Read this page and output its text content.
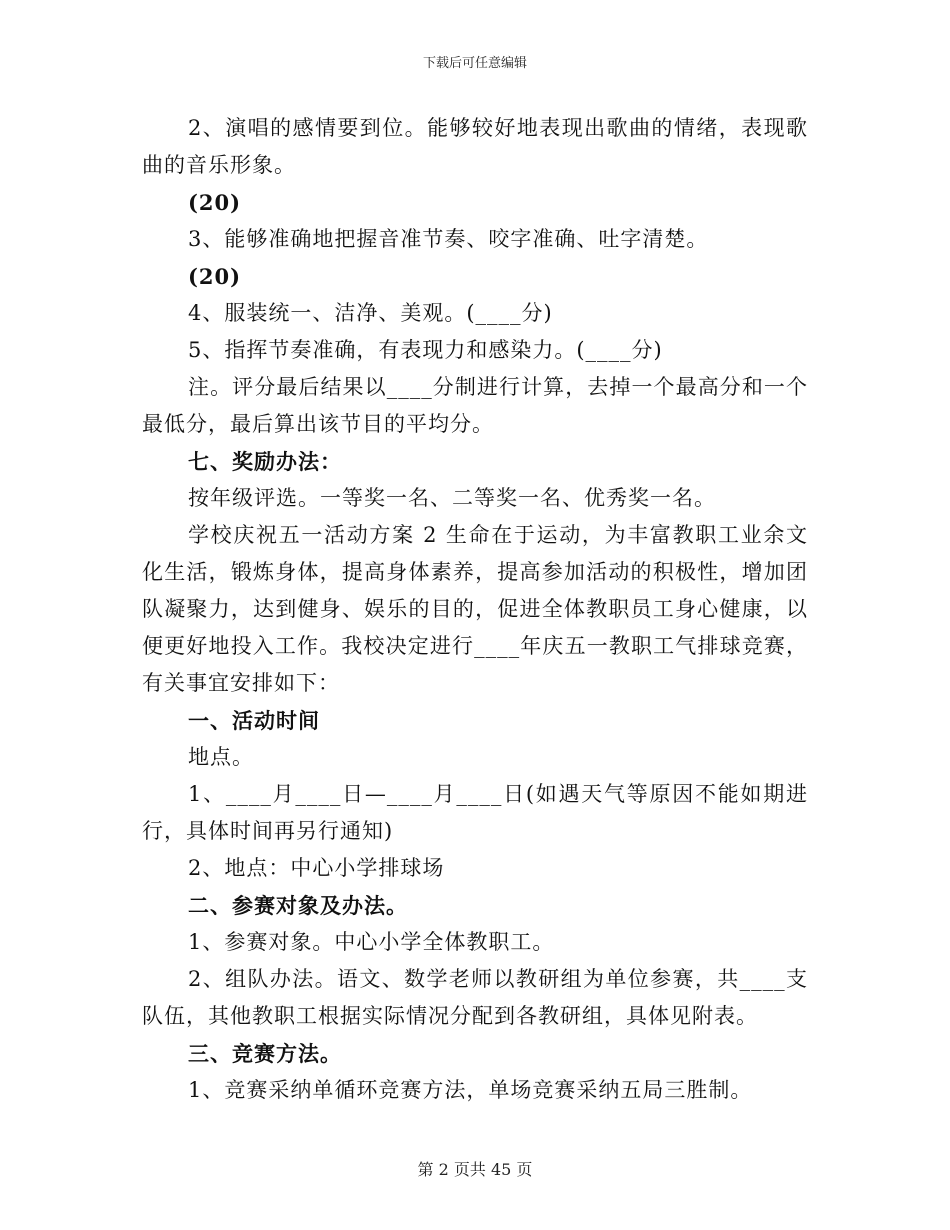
下载后可任意编辑

2、演唱的感情要到位。能够较好地表现出歌曲的情绪，表现歌曲的音乐形象。

(20)

3、能够准确地把握音准节奏、咬字准确、吐字清楚。

(20)

4、服装统一、洁净、美观。(____分)

5、指挥节奏准确，有表现力和感染力。(____分)

注。评分最后结果以____分制进行计算，去掉一个最高分和一个最低分，最后算出该节目的平均分。

七、奖励办法：

按年级评选。一等奖一名、二等奖一名、优秀奖一名。

学校庆祝五一活动方案 2 生命在于运动，为丰富教职工业余文化生活，锻炼身体，提高身体素养，提高参加活动的积极性，增加团队凝聚力，达到健身、娱乐的目的，促进全体教职员工身心健康，以便更好地投入工作。我校决定进行____年庆五一教职工气排球竞赛，有关事宜安排如下：

一、活动时间

地点。

1、____月____日—____月____日(如遇天气等原因不能如期进行，具体时间再另行通知)

2、地点：中心小学排球场

二、参赛对象及办法。

1、参赛对象。中心小学全体教职工。

2、组队办法。语文、数学老师以教研组为单位参赛，共____支队伍，其他教职工根据实际情况分配到各教研组，具体见附表。

三、竞赛方法。

1、竞赛采纳单循环竞赛方法，单场竞赛采纳五局三胜制。

第 2 页共 45 页
